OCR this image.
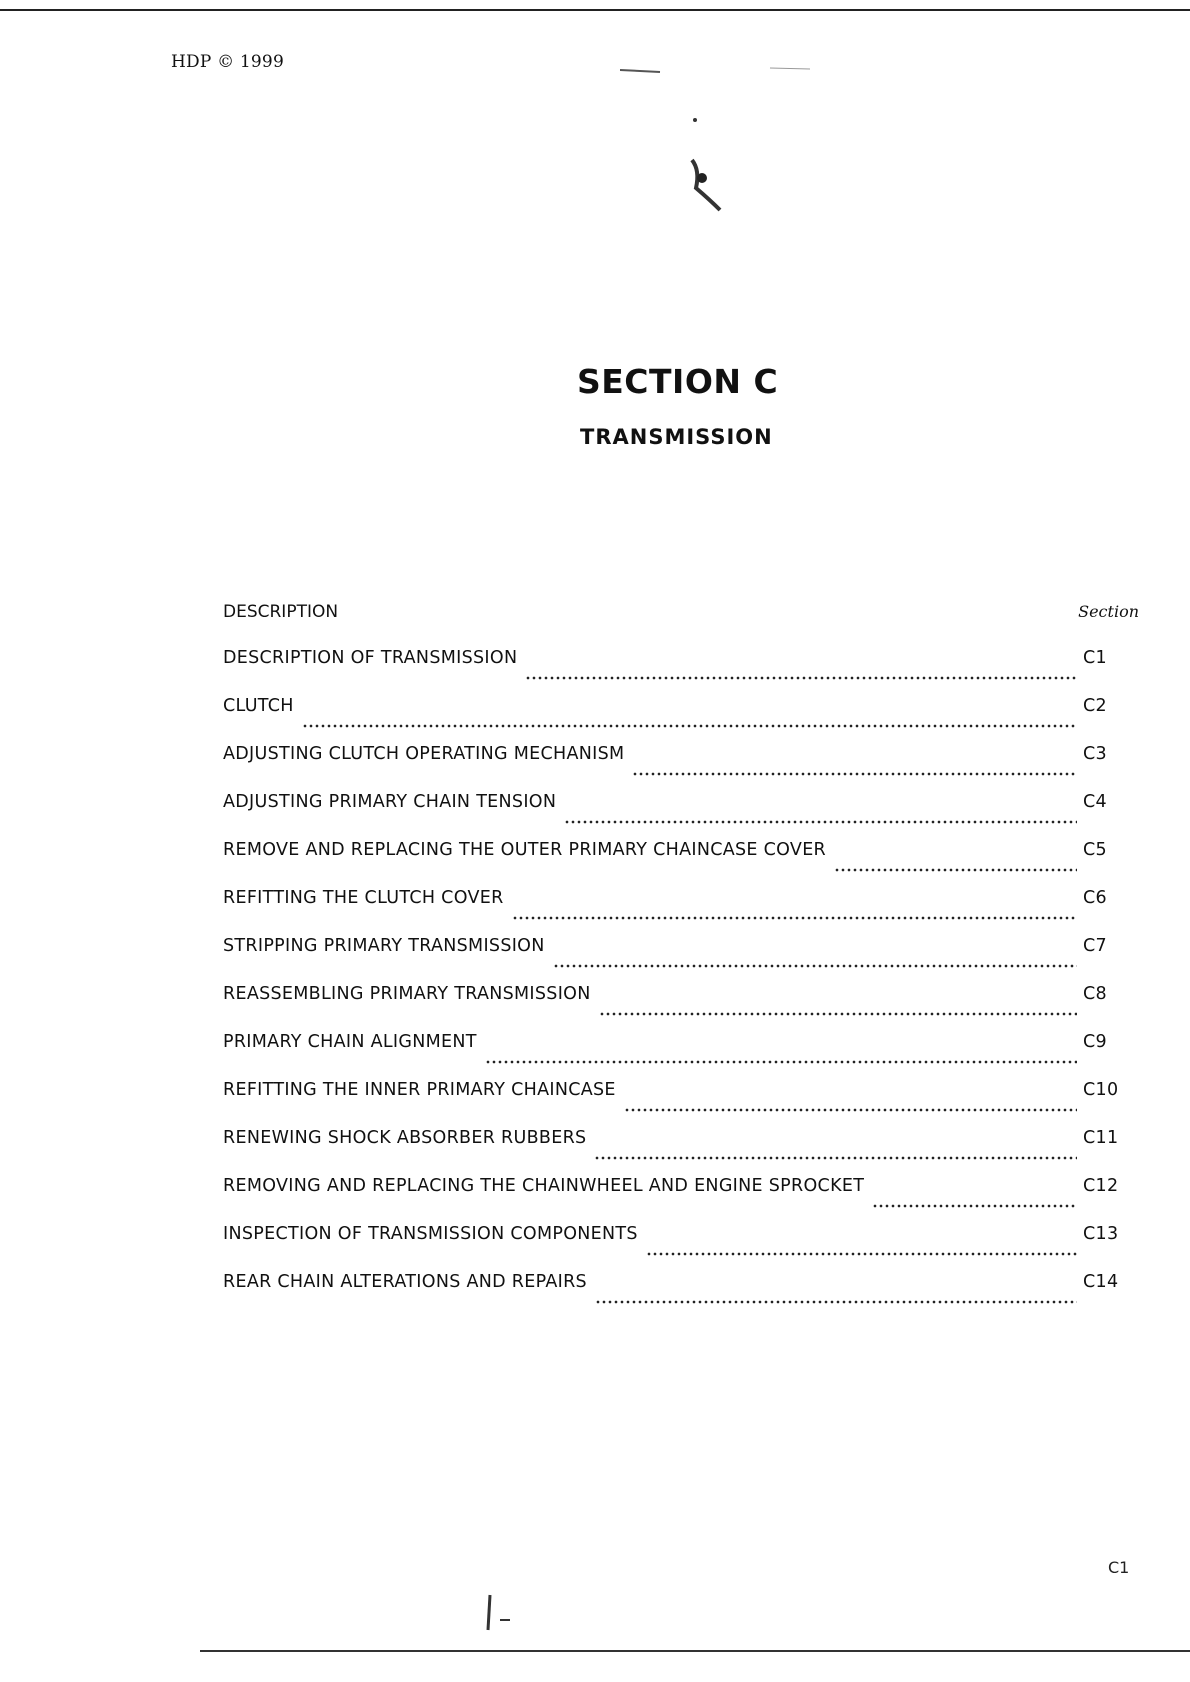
HDP © 1999
SECTION C
TRANSMISSION
DESCRIPTION	Section
DESCRIPTION OF TRANSMISSION	C1
CLUTCH	C2
ADJUSTING CLUTCH OPERATING MECHANISM	C3
ADJUSTING PRIMARY CHAIN TENSION	C4
REMOVE AND REPLACING THE OUTER PRIMARY CHAINCASE COVER	C5
REFITTING THE CLUTCH COVER	C6
STRIPPING PRIMARY TRANSMISSION	C7
REASSEMBLING PRIMARY TRANSMISSION	C8
PRIMARY CHAIN ALIGNMENT	C9
REFITTING THE INNER PRIMARY CHAINCASE	C10
RENEWING SHOCK ABSORBER RUBBERS	C11
REMOVING AND REPLACING THE CHAINWHEEL AND ENGINE SPROCKET	C12
INSPECTION OF TRANSMISSION COMPONENTS	C13
REAR CHAIN ALTERATIONS AND REPAIRS	C14
C1
